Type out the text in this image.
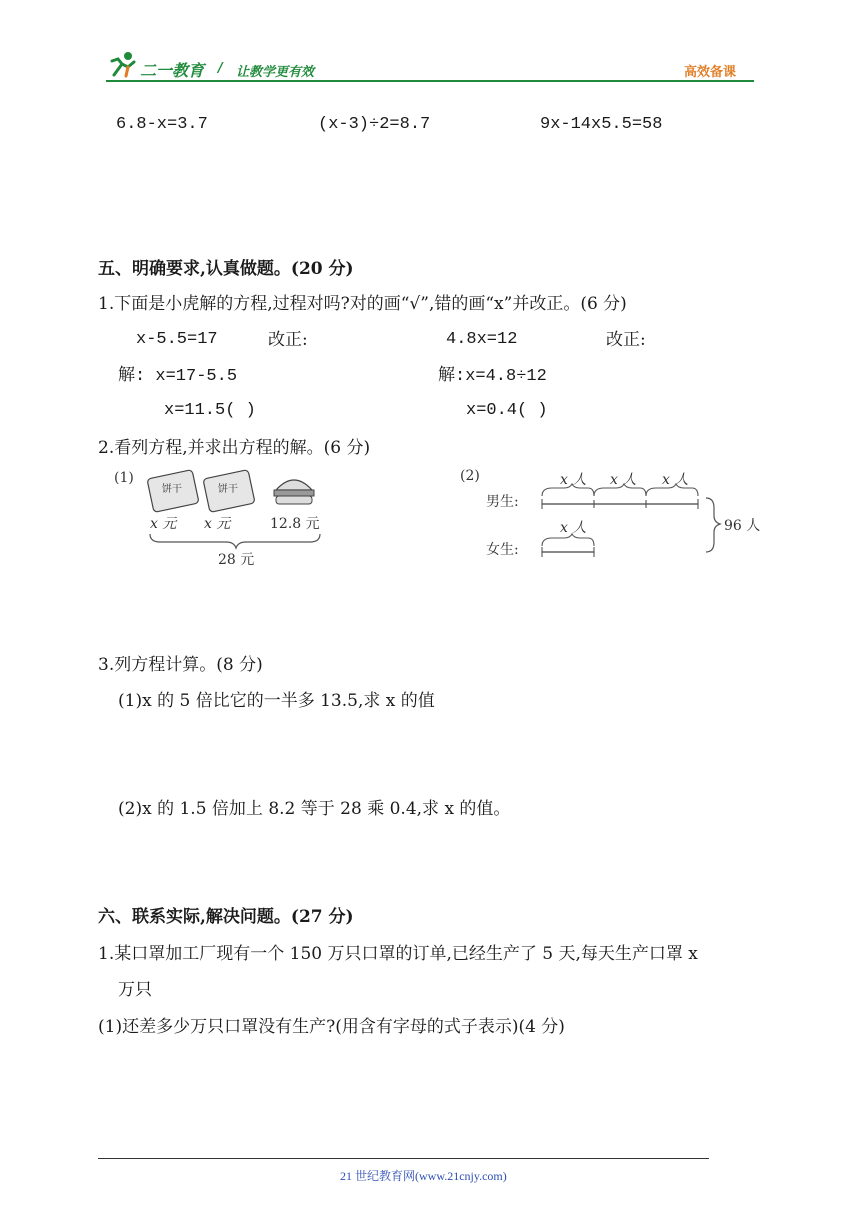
二一教育 / 让教学更有效	高效备课
6.8-x=3.7	(x-3)÷2=8.7	9x-14x5.5=58
五、明确要求,认真做题。(20 分)
1.下面是小虎解的方程,过程对吗?对的画“√”,错的画“x”并改正。(6 分)
x-5.5=17	改正:	4.8x=12	改正:
解: x=17-5.5	解:x=4.8÷12
x=11.5( )	x=0.4( )
2.看列方程,并求出方程的解。(6 分)
(1)
饼干	饼干
x 元 x 元	12.8 元
28 元
(2)
男生:
女生:
x 人 x 人 x 人
x 人	96 人
3.列方程计算。(8 分)
(1)x 的 5 倍比它的一半多 13.5,求 x 的值
(2)x 的 1.5 倍加上 8.2 等于 28 乘 0.4,求 x 的值。
六、联系实际,解决问题。(27 分)
1.某口罩加工厂现有一个 150 万只口罩的订单,已经生产了 5 天,每天生产口罩 x
万只
(1)还差多少万只口罩没有生产?(用含有字母的式子表示)(4 分)
21 世纪教育网(www.21cnjy.com)
